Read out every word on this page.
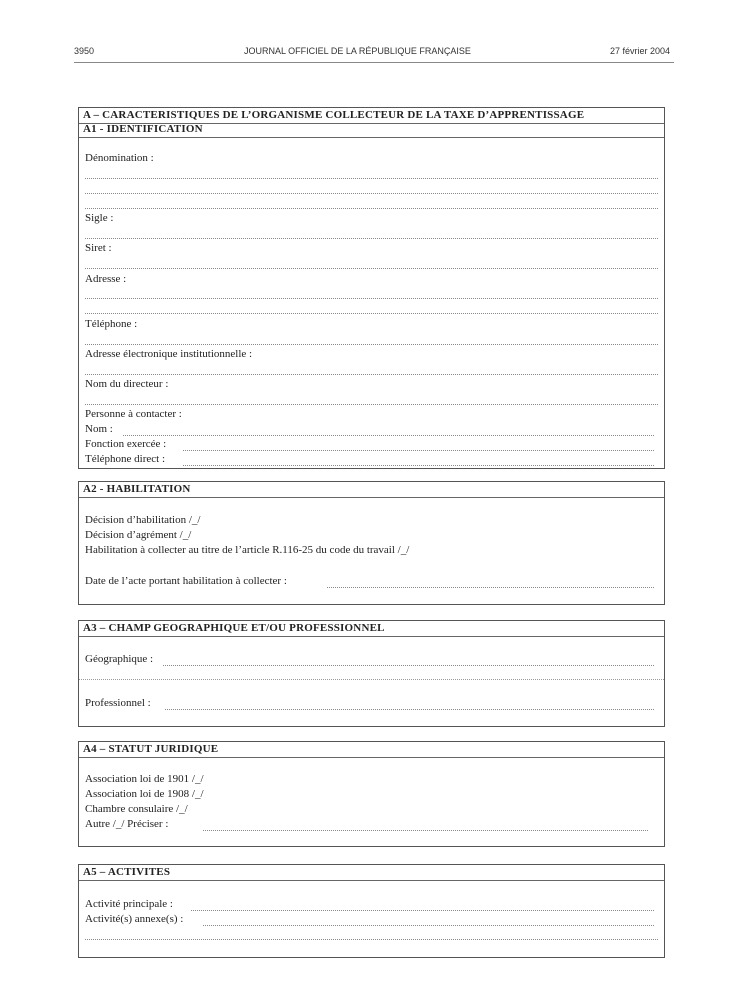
3950	JOURNAL OFFICIEL DE LA RÉPUBLIQUE FRANÇAISE	27 février 2004
A – CARACTERISTIQUES DE L’ORGANISME COLLECTEUR DE LA TAXE D’APPRENTISSAGE
A1 - IDENTIFICATION
Dénomination :
Sigle :
Siret :
Adresse :
Téléphone :
Adresse électronique institutionnelle :
Nom du directeur :
Personne à contacter :
Nom :
Fonction exercée :
Téléphone direct :
A2 - HABILITATION
Décision d’habilitation /_/
Décision d’agrément /_/
Habilitation à collecter au titre de l’article R.116-25 du code du travail /_/
Date de l’acte portant habilitation à collecter :
A3 – CHAMP GEOGRAPHIQUE ET/OU PROFESSIONNEL
Géographique :
Professionnel :
A4 – STATUT JURIDIQUE
Association loi de 1901 /_/
Association loi de 1908 /_/
Chambre consulaire /_/
Autre /_/ Préciser :
A5 – ACTIVITES
Activité principale :
Activité(s) annexe(s) :
